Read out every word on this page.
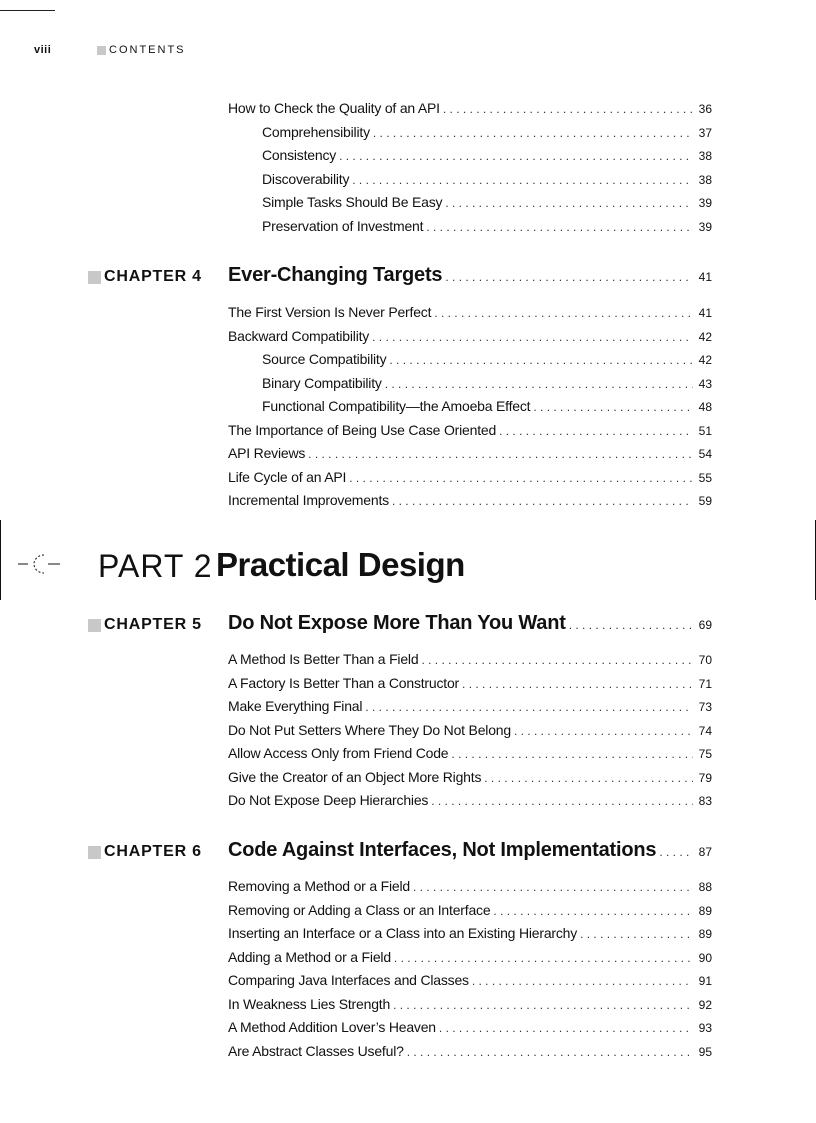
viii	CONTENTS
How to Check the Quality of an API . . .	36
Comprehensibility . . .	37
Consistency . . .	38
Discoverability . . .	38
Simple Tasks Should Be Easy . . .	39
Preservation of Investment . . .	39
CHAPTER 4 Ever-Changing Targets . . .	41
The First Version Is Never Perfect . . .	41
Backward Compatibility . . .	42
Source Compatibility . . .	42
Binary Compatibility . . .	43
Functional Compatibility—the Amoeba Effect . . .	48
The Importance of Being Use Case Oriented . . .	51
API Reviews . . .	54
Life Cycle of an API . . .	55
Incremental Improvements . . .	59
PART 2 Practical Design
CHAPTER 5 Do Not Expose More Than You Want . . .	69
A Method Is Better Than a Field . . .	70
A Factory Is Better Than a Constructor . . .	71
Make Everything Final . . .	73
Do Not Put Setters Where They Do Not Belong . . .	74
Allow Access Only from Friend Code . . .	75
Give the Creator of an Object More Rights . . .	79
Do Not Expose Deep Hierarchies . . .	83
CHAPTER 6 Code Against Interfaces, Not Implementations . . .	87
Removing a Method or a Field . . .	88
Removing or Adding a Class or an Interface . . .	89
Inserting an Interface or a Class into an Existing Hierarchy . . .	89
Adding a Method or a Field . . .	90
Comparing Java Interfaces and Classes . . .	91
In Weakness Lies Strength . . .	92
A Method Addition Lover’s Heaven . . .	93
Are Abstract Classes Useful? . . .	95
